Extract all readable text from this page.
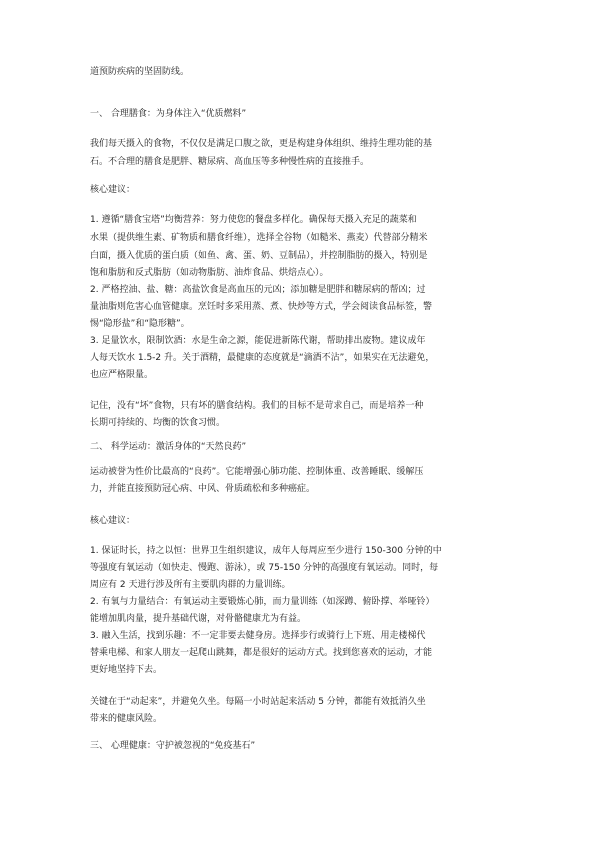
道预防疾病的坚固防线。
一、 合理膳食：为身体注入“优质燃料”
我们每天摄入的食物，不仅仅是满足口腹之欲，更是构建身体组织、维持生理功能的基
石。不合理的膳食是肥胖、糖尿病、高血压等多种慢性病的直接推手。
核心建议：
1. 遵循“膳食宝塔”均衡营养：努力使您的餐盘多样化。确保每天摄入充足的蔬菜和
水果（提供维生素、矿物质和膳食纤维），选择全谷物（如糙米、燕麦）代替部分精米
白面，摄入优质的蛋白质（如鱼、禽、蛋、奶、豆制品），并控制脂肪的摄入，特别是
饱和脂肪和反式脂肪（如动物脂肪、油炸食品、烘焙点心）。
2. 严格控油、盐、糖：高盐饮食是高血压的元凶；添加糖是肥胖和糖尿病的帮凶；过
量油脂则危害心血管健康。烹饪时多采用蒸、煮、快炒等方式，学会阅读食品标签，警
惕“隐形盐”和“隐形糖”。
3. 足量饮水，限制饮酒：水是生命之源，能促进新陈代谢，帮助排出废物。建议成年
人每天饮水 1.5-2 升。关于酒精，最健康的态度就是“滴酒不沾”，如果实在无法避免，
也应严格限量。
记住，没有“坏”食物，只有坏的膳食结构。我们的目标不是苛求自己，而是培养一种
长期可持续的、均衡的饮食习惯。
二、 科学运动：激活身体的“天然良药”
运动被誉为性价比最高的“良药”。它能增强心肺功能、控制体重、改善睡眠、缓解压
力，并能直接预防冠心病、中风、骨质疏松和多种癌症。
核心建议：
1. 保证时长，持之以恒：世界卫生组织建议，成年人每周应至少进行 150-300 分钟的中
等强度有氧运动（如快走、慢跑、游泳），或 75-150 分钟的高强度有氧运动。同时，每
周应有 2 天进行涉及所有主要肌肉群的力量训练。
2. 有氧与力量结合：有氧运动主要锻炼心肺，而力量训练（如深蹲、俯卧撑、举哑铃）
能增加肌肉量，提升基础代谢，对骨骼健康尤为有益。
3. 融入生活，找到乐趣：不一定非要去健身房。选择步行或骑行上下班、用走楼梯代
替乘电梯、和家人朋友一起爬山跳舞，都是很好的运动方式。找到您喜欢的运动，才能
更好地坚持下去。
关键在于“动起来”，并避免久坐。每隔一小时站起来活动 5 分钟，都能有效抵消久坐
带来的健康风险。
三、 心理健康：守护被忽视的“免疫基石”
